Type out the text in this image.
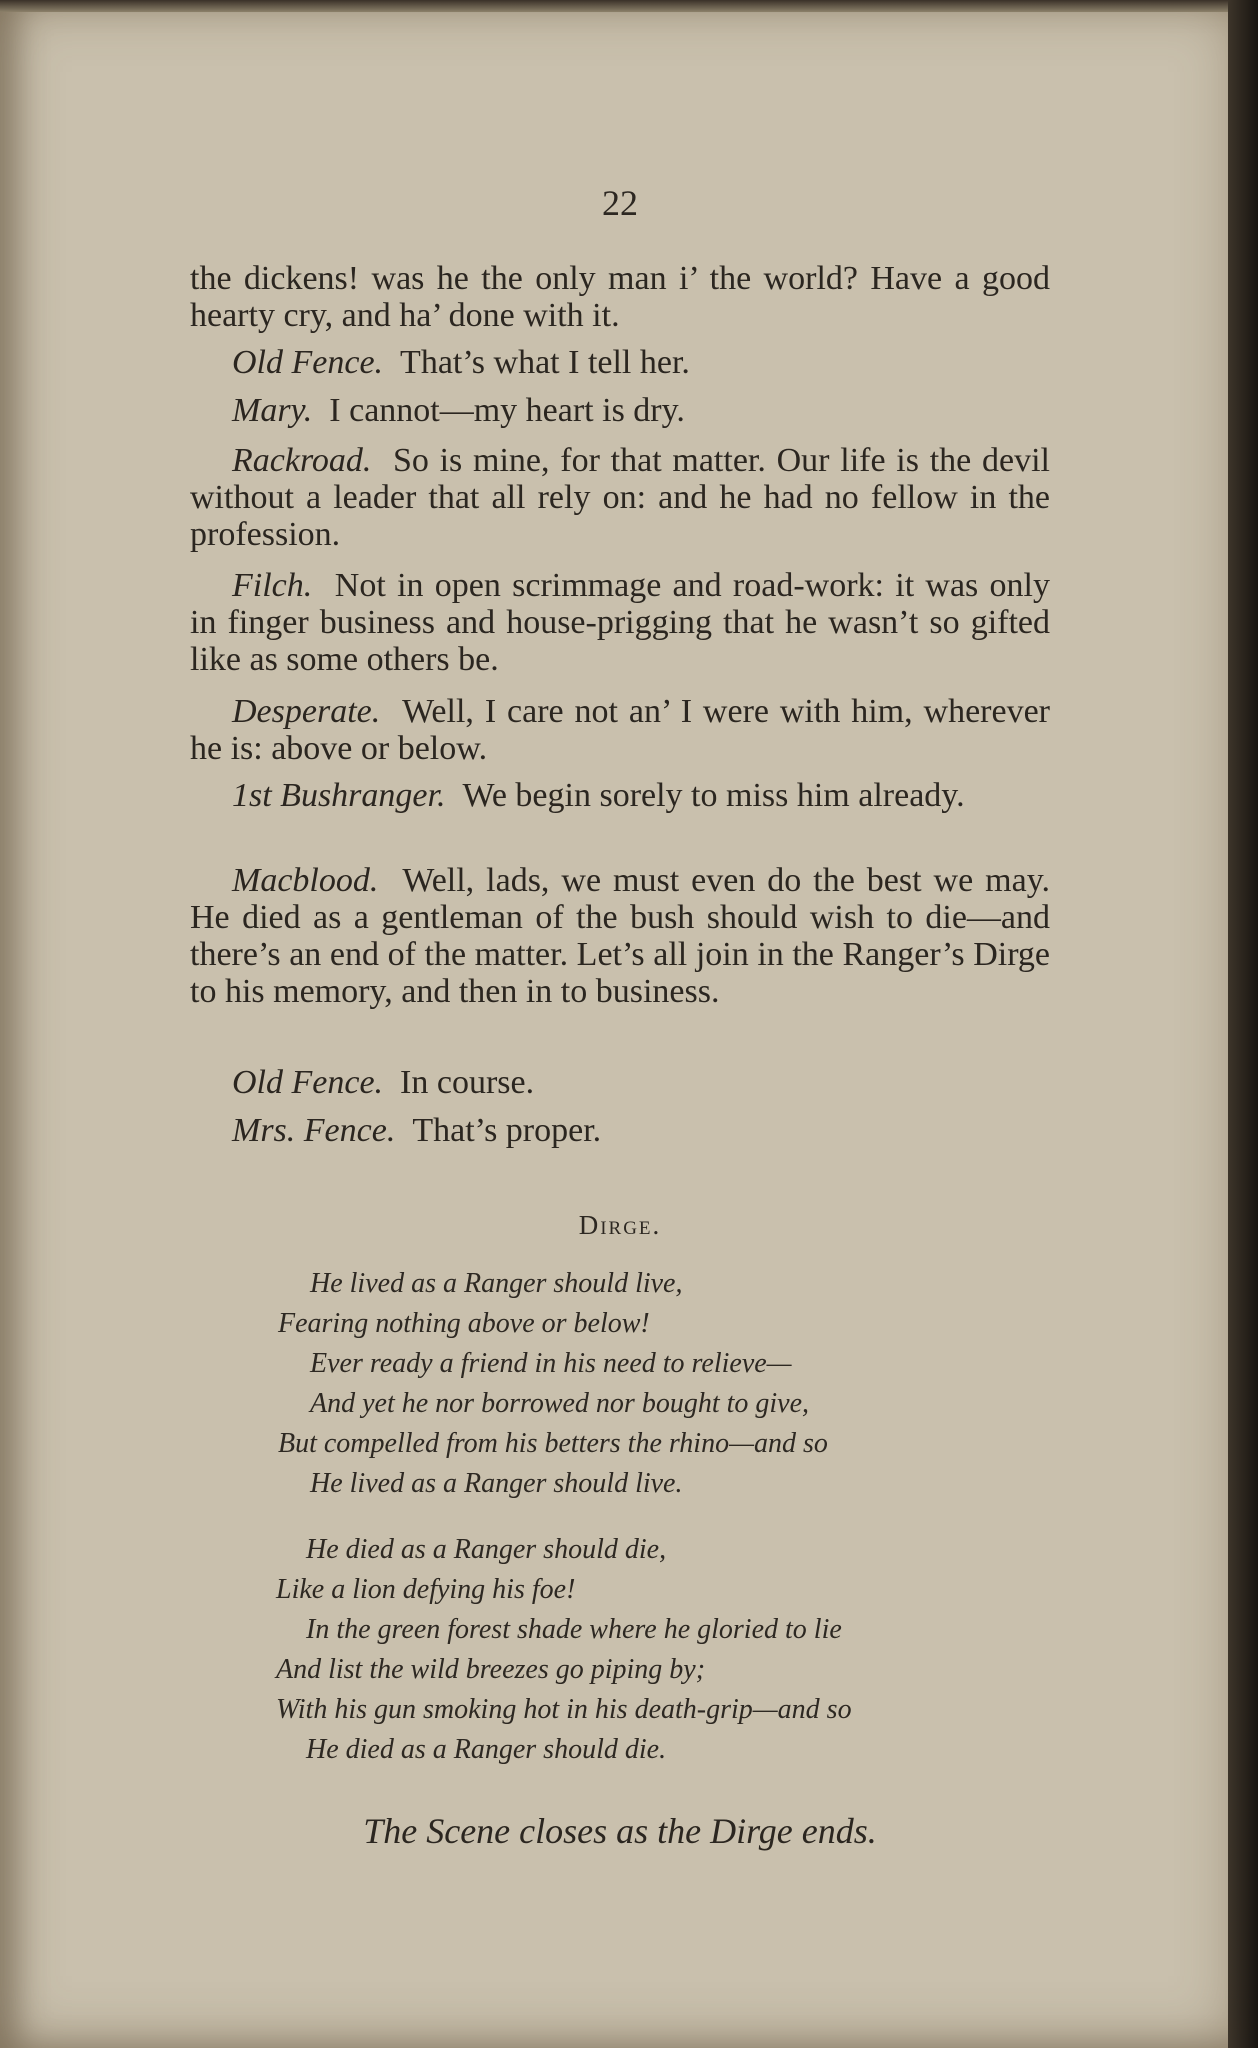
22

the dickens! was he the only man i’ the world? Have a good hearty cry, and ha’ done with it.

Old Fence. That’s what I tell her.

Mary. I cannot—my heart is dry.

Rackroad. So is mine, for that matter. Our life is the devil without a leader that all rely on: and he had no fellow in the profession.

Filch. Not in open scrimmage and road-work: it was only in finger business and house-prigging that he wasn’t so gifted like as some others be.

Desperate. Well, I care not an’ I were with him, wherever he is: above or below.

1st Bushranger. We begin sorely to miss him already.

Macblood. Well, lads, we must even do the best we may. He died as a gentleman of the bush should wish to die—and there’s an end of the matter. Let’s all join in the Ranger’s Dirge to his memory, and then in to business.

Old Fence. In course.

Mrs. Fence. That’s proper.

Dirge.
He lived as a Ranger should live,
Fearing nothing above or below!
Ever ready a friend in his need to relieve—
And yet he nor borrowed nor bought to give,
But compelled from his betters the rhino—and so
He lived as a Ranger should live.
He died as a Ranger should die,
Like a lion defying his foe!
In the green forest shade where he gloried to lie
And list the wild breezes go piping by;
With his gun smoking hot in his death-grip—and so
He died as a Ranger should die.
The Scene closes as the Dirge ends.
